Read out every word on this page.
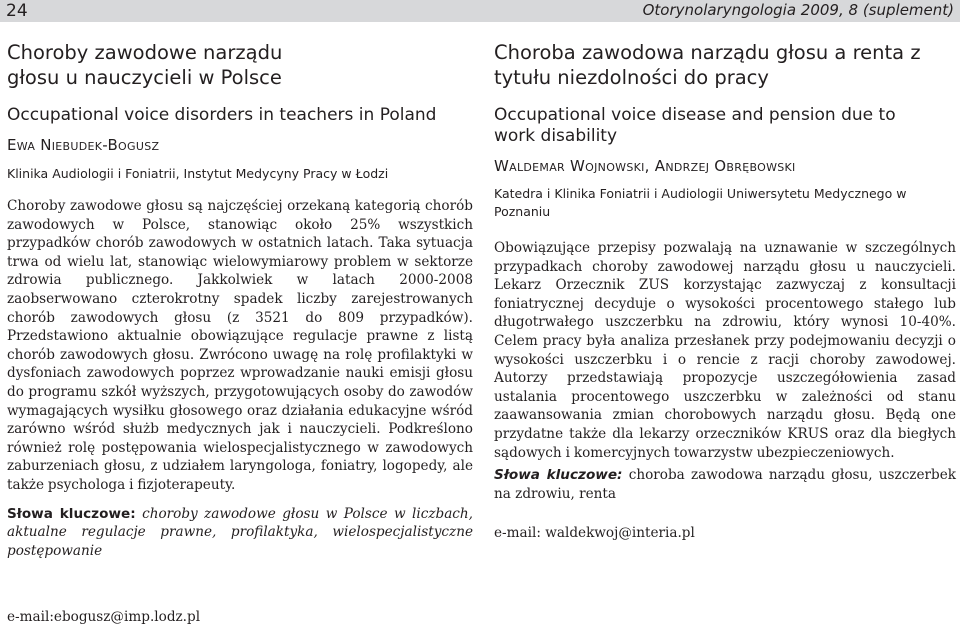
24	Otorynolaryngologia 2009, 8 (suplement)
Choroby zawodowe narządu głosu u nauczycieli w Polsce
Occupational voice disorders in teachers in Poland
Ewa Niebudek-Bogusz
Klinika Audiologii i Foniatrii, Instytut Medycyny Pracy w Łodzi

Choroby zawodowe głosu są najczęściej orzekaną kategorią chorób zawodowych w Polsce, stanowiąc około 25% wszystkich przypadków chorób zawodowych w ostatnich latach. Taka sytuacja trwa od wielu lat, stanowiąc wielowymiarowy problem w sektorze zdrowia publicznego. Jakkolwiek w latach 2000-2008 zaobserwowano czterokrotny spadek liczby zarejestrowanych chorób zawodowych głosu (z 3521 do 809 przypadków). Przedstawiono aktualnie obowiązujące regulacje prawne z listą chorób zawodowych głosu. Zwrócono uwagę na rolę profilaktyki w dysfoniach zawodowych poprzez wprowadzanie nauki emisji głosu do programu szkół wyższych, przygotowujących osoby do zawodów wymagających wysiłku głosowego oraz działania edukacyjne wśród zarówno wśród służb medycznych jak i nauczycieli. Podkreślono również rolę postępowania wielospecjalistycznego w zawodowych zaburzeniach głosu, z udziałem laryngologa, foniatry, logopedy, ale także psychologa i fizjoterapeuty.

Słowa kluczowe: choroby zawodowe głosu w Polsce w liczbach, aktualne regulacje prawne, profilaktyka, wielospecjalistyczne postępowanie

e-mail:ebogusz@imp.lodz.pl
Choroba zawodowa narządu głosu a renta z tytułu niezdolności do pracy
Occupational voice disease and pension due to work disability
Waldemar Wojnowski, Andrzej Obrębowski
Katedra i Klinika Foniatrii i Audiologii Uniwersytetu Medycznego w Poznaniu

Obowiązujące przepisy pozwalają na uznawanie w szczególnych przypadkach choroby zawodowej narządu głosu u nauczycieli. Lekarz Orzecznik ZUS korzystając zazwyczaj z konsultacji foniatrycznej decyduje o wysokości procentowego stałego lub długotrwałego uszczerbku na zdrowiu, który wynosi 10-40%. Celem pracy była analiza przesłanek przy podejmowaniu decyzji o wysokości uszczerbku i o rencie z racji choroby zawodowej. Autorzy przedstawiają propozycje uszczegółowienia zasad ustalania procentowego uszczerbku w zależności od stanu zaawansowania zmian chorobowych narządu głosu. Będą one przydatne także dla lekarzy orzeczników KRUS oraz dla biegłych sądowych i komercyjnych towarzystw ubezpieczeniowych.

Słowa kluczowe: choroba zawodowa narządu głosu, uszczerbek na zdrowiu, renta

e-mail: waldekwoj@interia.pl
